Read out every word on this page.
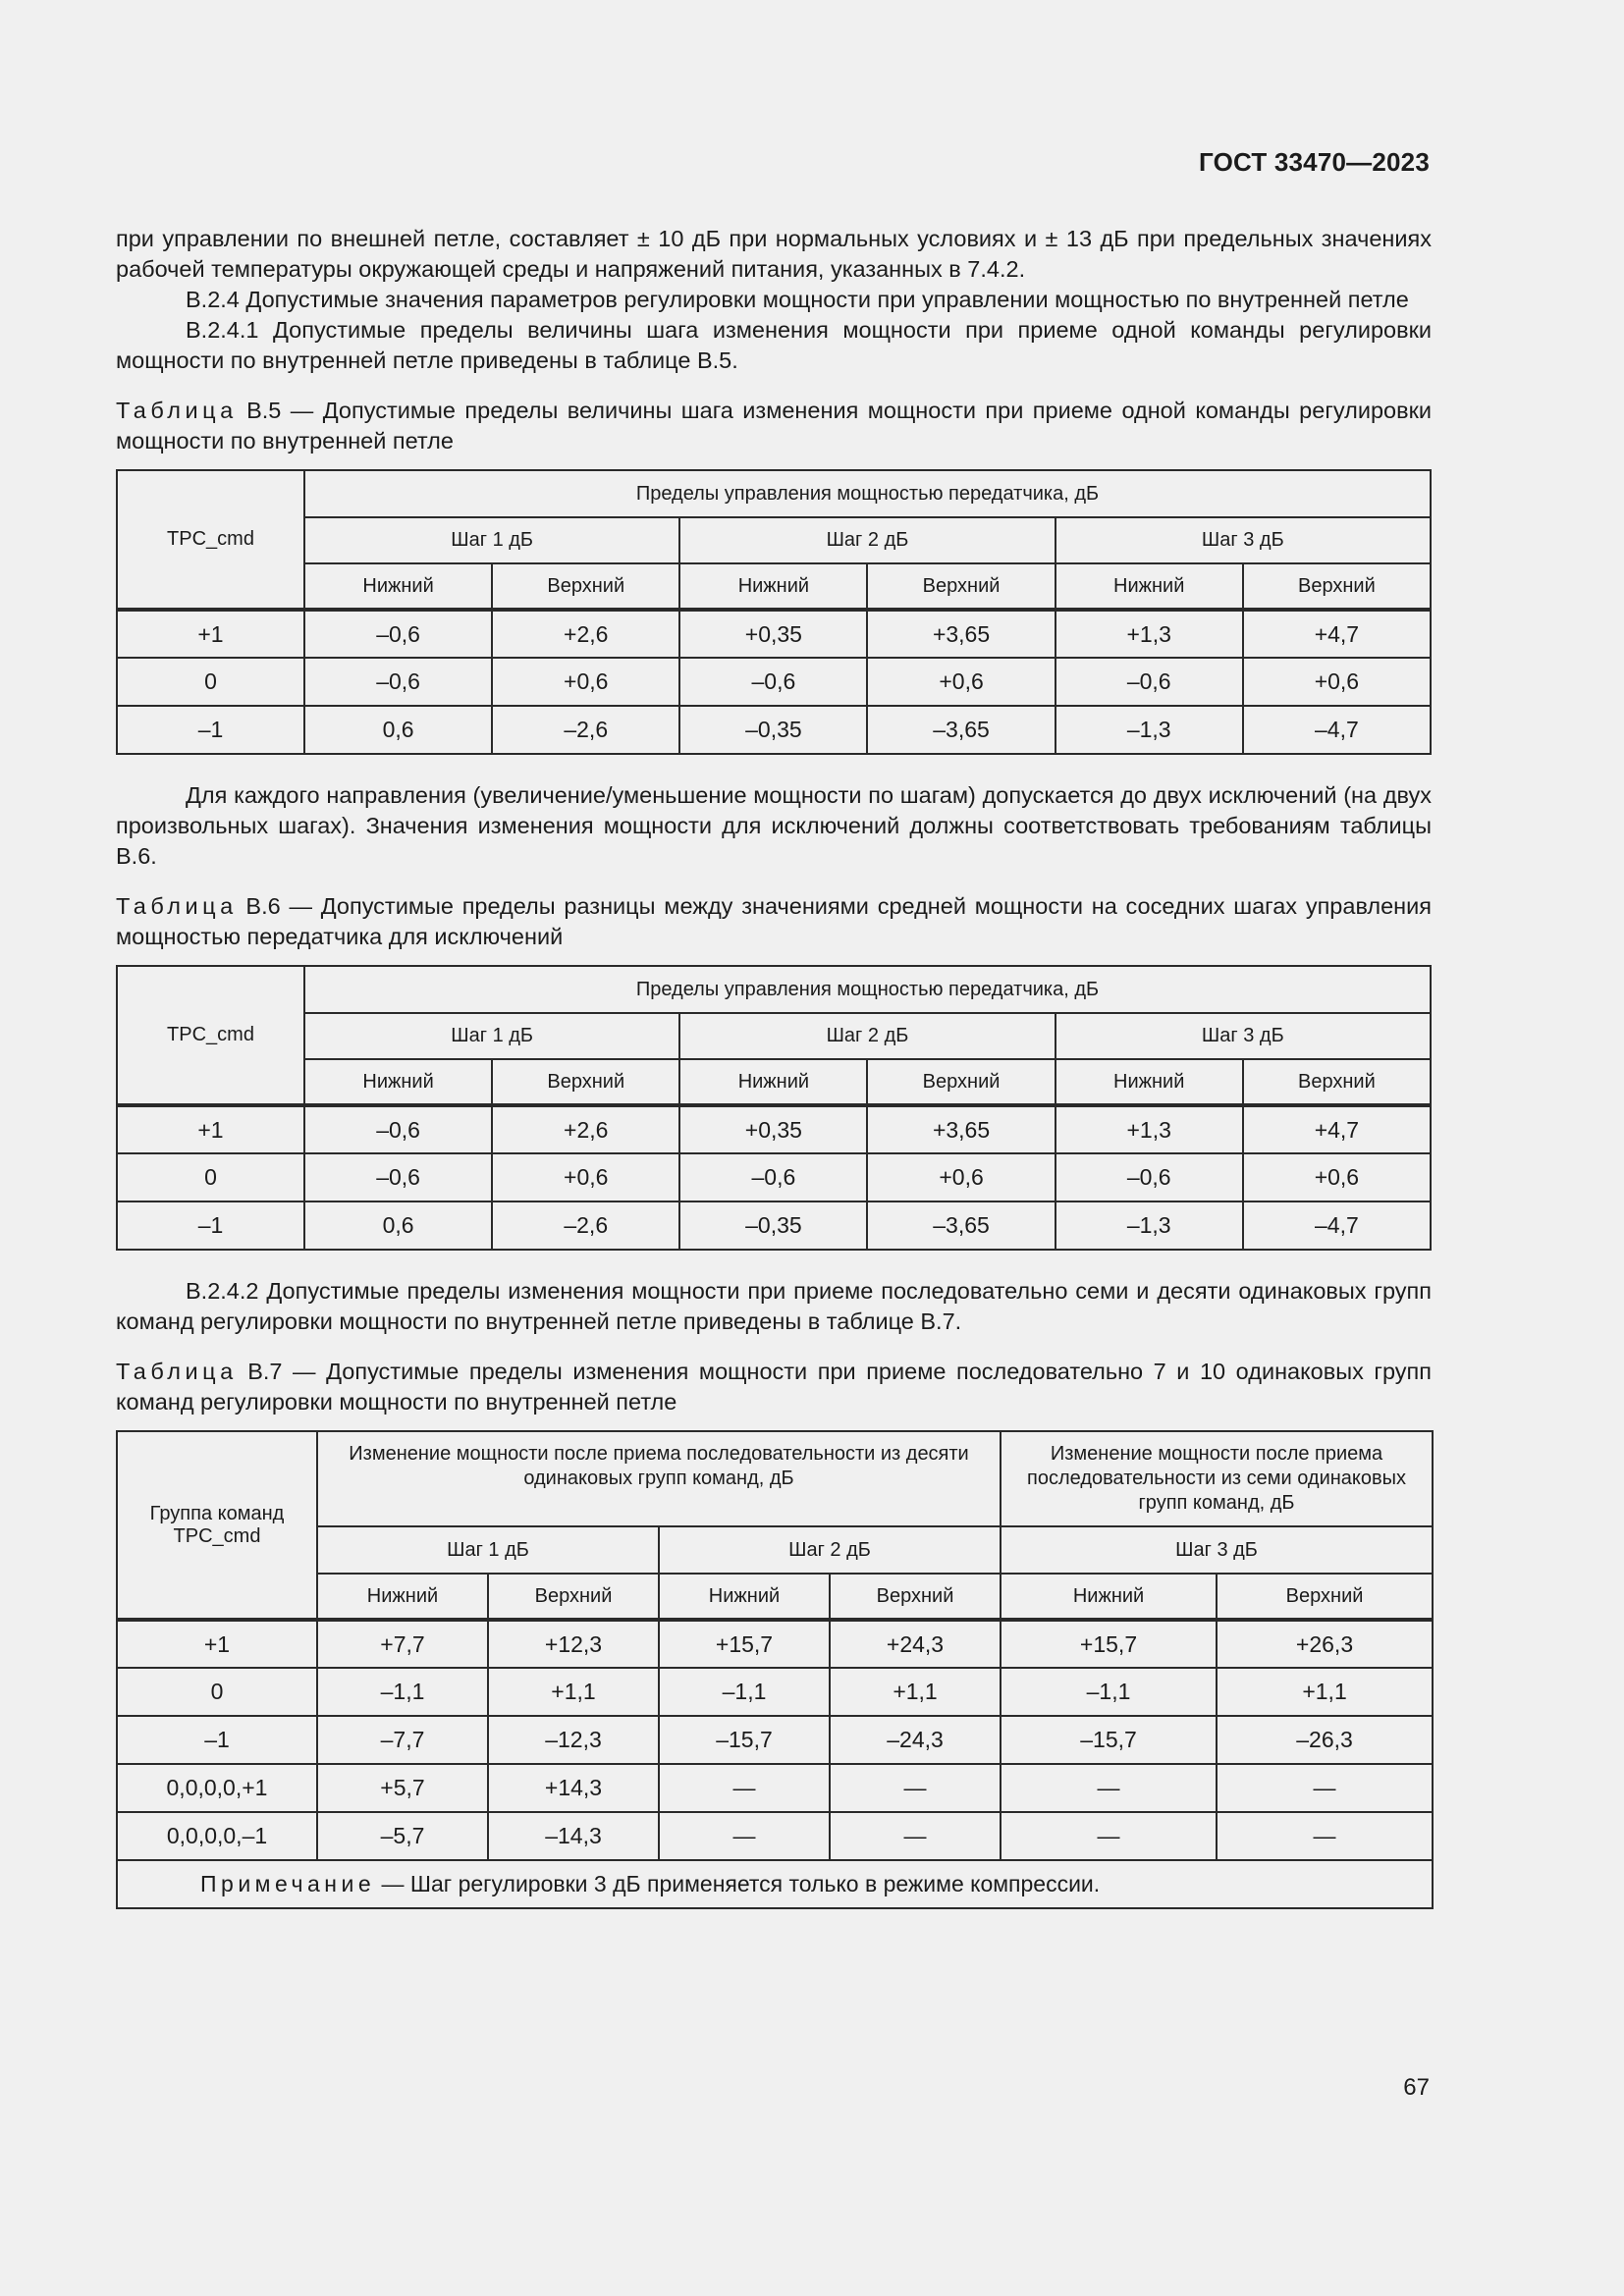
ГОСТ 33470—2023

при управлении по внешней петле, составляет ± 10 дБ при нормальных условиях и ± 13 дБ при предельных значениях рабочей температуры окружающей среды и напряжений питания, указанных в 7.4.2.

В.2.4 Допустимые значения параметров регулировки мощности при управлении мощностью по внутренней петле

В.2.4.1 Допустимые пределы величины шага изменения мощности при приеме одной команды регулировки мощности по внутренней петле приведены в таблице В.5.

Таблица В.5 — Допустимые пределы величины шага изменения мощности при приеме одной команды регулировки мощности по внутренней петле

TPC_cmd	Пределы управления мощностью передатчика, дБ					
	Шаг 1 дБ		Шаг 2 дБ		Шаг 3 дБ	
	Нижний	Верхний	Нижний	Верхний	Нижний	Верхний
+1	–0,6	+2,6	+0,35	+3,65	+1,3	+4,7
0	–0,6	+0,6	–0,6	+0,6	–0,6	+0,6
–1	0,6	–2,6	–0,35	–3,65	–1,3	–4,7

Для каждого направления (увеличение/уменьшение мощности по шагам) допускается до двух исключений (на двух произвольных шагах). Значения изменения мощности для исключений должны соответствовать требованиям таблицы В.6.

Таблица В.6 — Допустимые пределы разницы между значениями средней мощности на соседних шагах управления мощностью передатчика для исключений

TPC_cmd	Пределы управления мощностью передатчика, дБ					
	Шаг 1 дБ		Шаг 2 дБ		Шаг 3 дБ	
	Нижний	Верхний	Нижний	Верхний	Нижний	Верхний
+1	–0,6	+2,6	+0,35	+3,65	+1,3	+4,7
0	–0,6	+0,6	–0,6	+0,6	–0,6	+0,6
–1	0,6	–2,6	–0,35	–3,65	–1,3	–4,7

В.2.4.2 Допустимые пределы изменения мощности при приеме последовательно семи и десяти одинаковых групп команд регулировки мощности по внутренней петле приведены в таблице В.7.

Таблица В.7 — Допустимые пределы изменения мощности при приеме последовательно 7 и 10 одинаковых групп команд регулировки мощности по внутренней петле

Группа команд TPC_cmd	Изменение мощности после приема последовательности из десяти одинаковых групп команд, дБ				Изменение мощности после приема последовательности из семи одинаковых групп команд, дБ	
	Шаг 1 дБ		Шаг 2 дБ		Шаг 3 дБ	
	Нижний	Верхний	Нижний	Верхний	Нижний	Верхний
+1	+7,7	+12,3	+15,7	+24,3	+15,7	+26,3
0	–1,1	+1,1	–1,1	+1,1	–1,1	+1,1
–1	–7,7	–12,3	–15,7	–24,3	–15,7	–26,3
0,0,0,0,+1	+5,7	+14,3	—	—	—	—
0,0,0,0,–1	–5,7	–14,3	—	—	—	—
Примечание — Шаг регулировки 3 дБ применяется только в режиме компрессии.						
67
